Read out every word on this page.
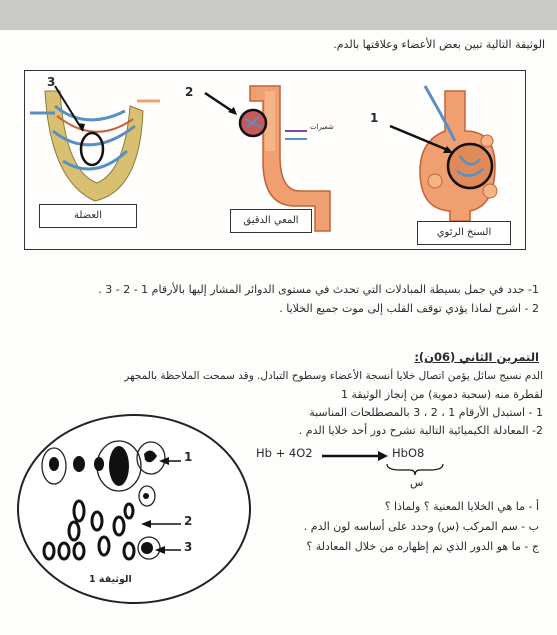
الوثيقة التالية تبين بعض الأعضاء وعلاقتها بالدم.
3
2
1
شعيرات
العضلة	المعي الدقيق
السنخ الرئوي
1- حدد في جمل بسيطة المبادلات التي تحدث في مستوى الدوائر المشار إليها بالأرقام 1 - 2 - 3 .
2 - اشرح لماذا يؤدي توقف القلب إلى موت جميع الخلايا .
التمرين الثاني (06ن):
الدم نسيج سائل يؤمن اتصال خلايا أنسجة الأعضاء وسطوح التبادل. وقد سمحت الملاحظة بالمجهر
لقطرة منه (سحبة دموية) من إنجاز الوثيقة 1
1 - استبدل الأرقام 1 ، 2 ، 3 بالمصطلحات المناسبة
2- المعادلة الكيميائية التالية تشرح دور أحد خلايا الدم .
Hb + 4O2	HbO8
س
أ - ما هي الخلايا المعنية ؟ ولماذا ؟
ب - سم المركب (س) وحدد على أساسه لون الدم .
ج - ما هو الدور الذي تم إظهاره من خلال المعادلة ؟
1
2
3
الوثيقة 1
